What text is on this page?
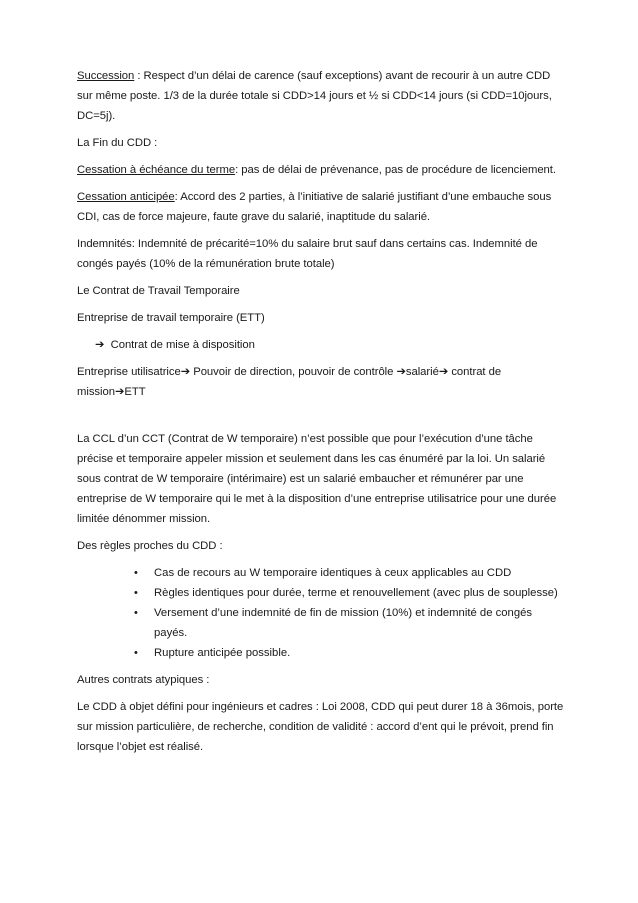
Succession : Respect d’un délai de carence (sauf exceptions) avant de recourir à un autre CDD sur même poste. 1/3 de la durée totale si CDD>14 jours et ½ si CDD<14 jours (si CDD=10jours, DC=5j).

La Fin du CDD :

Cessation à échéance du terme: pas de délai de prévenance, pas de procédure de licenciement.

Cessation anticipée: Accord des 2 parties, à l’initiative de salarié justifiant d’une embauche sous CDI, cas de force majeure, faute grave du salarié, inaptitude du salarié.

Indemnités: Indemnité de précarité=10% du salaire brut sauf dans certains cas. Indemnité de congés payés (10% de la rémunération brute totale)

Le Contrat de Travail Temporaire

Entreprise de travail temporaire (ETT)

➔ Contrat de mise à disposition

Entreprise utilisatrice➔ Pouvoir de direction, pouvoir de contrôle ➔salarié➔ contrat de mission➔ETT

La CCL d’un CCT (Contrat de W temporaire) n’est possible que pour l’exécution d’une tâche précise et temporaire appeler mission et seulement dans les cas énuméré par la loi. Un salarié sous contrat de W temporaire (intérimaire) est un salarié embaucher et rémunérer par une entreprise de W temporaire qui le met à la disposition d’une entreprise utilisatrice pour une durée limitée dénommer mission.

Des règles proches du CDD :

• Cas de recours au W temporaire identiques à ceux applicables au CDD
• Règles identiques pour durée, terme et renouvellement (avec plus de souplesse)
• Versement d’une indemnité de fin de mission (10%) et indemnité de congés payés.
• Rupture anticipée possible.

Autres contrats atypiques :

Le CDD à objet défini pour ingénieurs et cadres : Loi 2008, CDD qui peut durer 18 à 36mois, porte sur mission particulière, de recherche, condition de validité : accord d’ent qui le prévoit, prend fin lorsque l’objet est réalisé.
